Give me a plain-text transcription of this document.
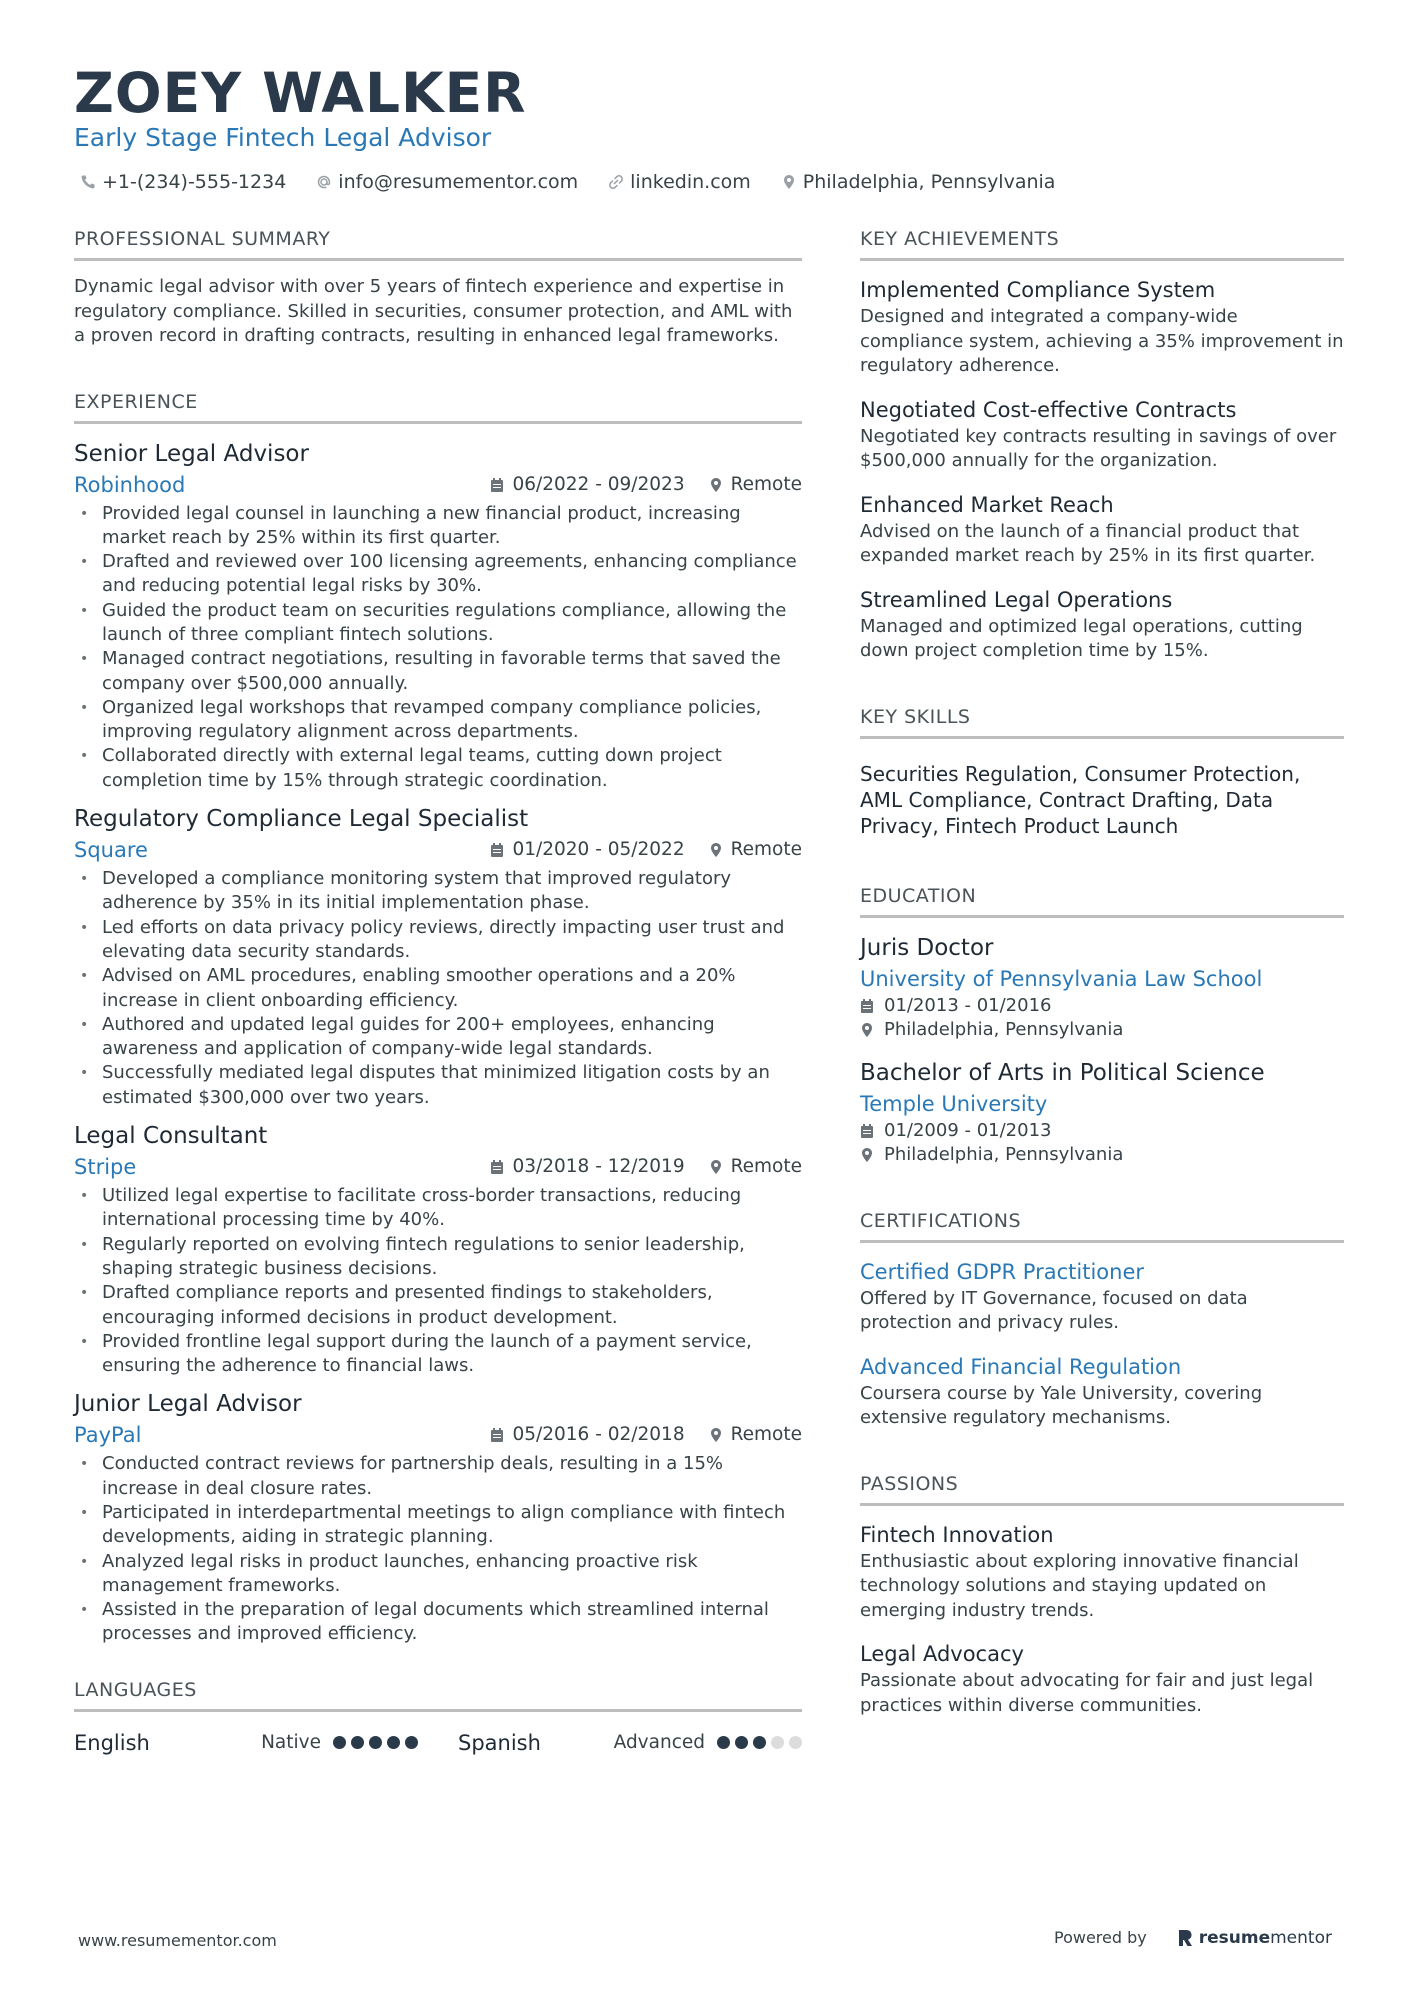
ZOEY WALKER
Early Stage Fintech Legal Advisor
+1-(234)-555-1234	info@resumementor.com	linkedin.com	Philadelphia, Pennsylvania
PROFESSIONAL SUMMARY

Dynamic legal advisor with over 5 years of fintech experience and expertise in regulatory compliance. Skilled in securities, consumer protection, and AML with a proven record in drafting contracts, resulting in enhanced legal frameworks.

EXPERIENCE
Senior Legal Advisor
Robinhood	06/2022 - 09/2023 Remote
• Provided legal counsel in launching a new financial product, increasing market reach by 25% within its first quarter.
• Drafted and reviewed over 100 licensing agreements, enhancing compliance and reducing potential legal risks by 30%.
• Guided the product team on securities regulations compliance, allowing the launch of three compliant fintech solutions.
• Managed contract negotiations, resulting in favorable terms that saved the company over $500,000 annually.
• Organized legal workshops that revamped company compliance policies, improving regulatory alignment across departments.
• Collaborated directly with external legal teams, cutting down project completion time by 15% through strategic coordination.
Regulatory Compliance Legal Specialist
Square	01/2020 - 05/2022 Remote
• Developed a compliance monitoring system that improved regulatory adherence by 35% in its initial implementation phase.
• Led efforts on data privacy policy reviews, directly impacting user trust and elevating data security standards.
• Advised on AML procedures, enabling smoother operations and a 20% increase in client onboarding efficiency.
• Authored and updated legal guides for 200+ employees, enhancing awareness and application of company-wide legal standards.
• Successfully mediated legal disputes that minimized litigation costs by an estimated $300,000 over two years.
Legal Consultant
Stripe	03/2018 - 12/2019 Remote
• Utilized legal expertise to facilitate cross-border transactions, reducing international processing time by 40%.
• Regularly reported on evolving fintech regulations to senior leadership, shaping strategic business decisions.
• Drafted compliance reports and presented findings to stakeholders, encouraging informed decisions in product development.
• Provided frontline legal support during the launch of a payment service, ensuring the adherence to financial laws.
Junior Legal Advisor
PayPal	05/2016 - 02/2018 Remote
• Conducted contract reviews for partnership deals, resulting in a 15% increase in deal closure rates.
• Participated in interdepartmental meetings to align compliance with fintech developments, aiding in strategic planning.
• Analyzed legal risks in product launches, enhancing proactive risk management frameworks.
• Assisted in the preparation of legal documents which streamlined internal processes and improved efficiency.
LANGUAGES
English	Native	Spanish	Advanced
KEY ACHIEVEMENTS
Implemented Compliance System
Designed and integrated a company-wide compliance system, achieving a 35% improvement in regulatory adherence.
Negotiated Cost-effective Contracts
Negotiated key contracts resulting in savings of over $500,000 annually for the organization.
Enhanced Market Reach
Advised on the launch of a financial product that expanded market reach by 25% in its first quarter.
Streamlined Legal Operations
Managed and optimized legal operations, cutting down project completion time by 15%.
KEY SKILLS
Securities Regulation, Consumer Protection, AML Compliance, Contract Drafting, Data Privacy, Fintech Product Launch
EDUCATION
Juris Doctor
University of Pennsylvania Law School
01/2013 - 01/2016
Philadelphia, Pennsylvania
Bachelor of Arts in Political Science
Temple University
01/2009 - 01/2013
Philadelphia, Pennsylvania
CERTIFICATIONS
Certified GDPR Practitioner
Offered by IT Governance, focused on data protection and privacy rules.
Advanced Financial Regulation
Coursera course by Yale University, covering extensive regulatory mechanisms.
PASSIONS
Fintech Innovation
Enthusiastic about exploring innovative financial technology solutions and staying updated on emerging industry trends.
Legal Advocacy
Passionate about advocating for fair and just legal practices within diverse communities.
www.resumementor.com	Powered by	resumementor
